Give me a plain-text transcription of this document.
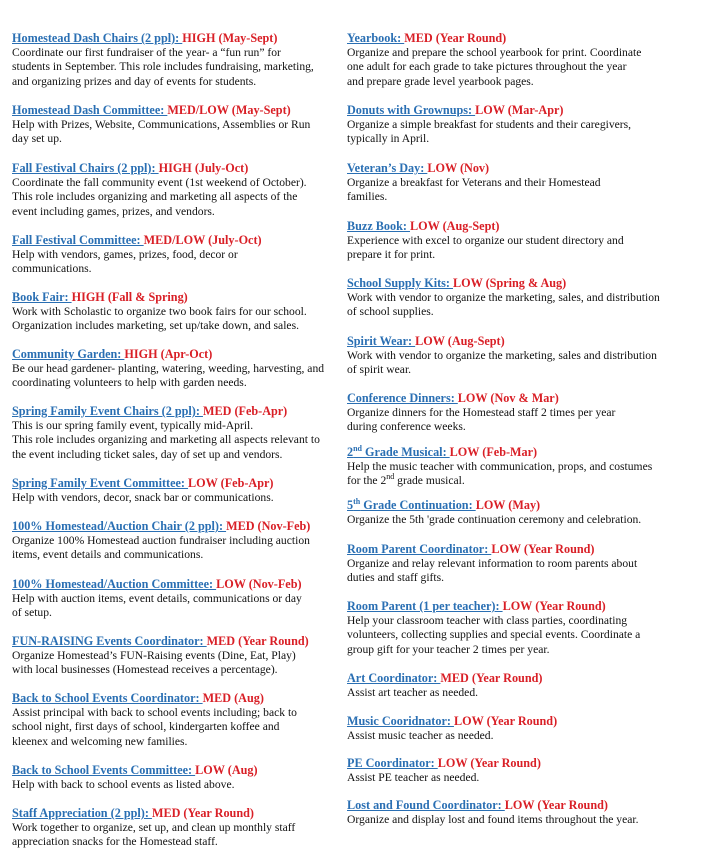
Homestead Dash Chairs (2 ppl): HIGH (May-Sept)
Coordinate our first fundraiser of the year- a “fun run” for
students in September. This role includes fundraising, marketing,
and organizing prizes and day of events for students.
Homestead Dash Committee: MED/LOW (May-Sept)
Help with Prizes, Website, Communications, Assemblies or Run
day set up.
Fall Festival Chairs (2 ppl): HIGH (July-Oct)
Coordinate the fall community event (1st weekend of October).
This role includes organizing and marketing all aspects of the
event including games, prizes, and vendors.
Fall Festival Committee: MED/LOW (July-Oct)
Help with vendors, games, prizes, food, decor or
communications.
Book Fair: HIGH (Fall & Spring)
Work with Scholastic to organize two book fairs for our school.
Organization includes marketing, set up/take down, and sales.
Community Garden: HIGH (Apr-Oct)
Be our head gardener- planting, watering, weeding, harvesting, and
coordinating volunteers to help with garden needs.
Spring Family Event Chairs (2 ppl): MED (Feb-Apr)
This is our spring family event, typically mid-April.
This role includes organizing and marketing all aspects relevant to
the event including ticket sales, day of set up and vendors.
Spring Family Event Committee: LOW (Feb-Apr)
Help with vendors, decor, snack bar or communications.
100% Homestead/Auction Chair (2 ppl): MED (Nov-Feb)
Organize 100% Homestead auction fundraiser including auction
items, event details and communications.
100% Homestead/Auction Committee: LOW (Nov-Feb)
Help with auction items, event details, communications or day
of setup.
FUN-RAISING Events Coordinator: MED (Year Round)
Organize Homestead’s FUN-Raising events (Dine, Eat, Play)
with local businesses (Homestead receives a percentage).
Back to School Events Coordinator: MED (Aug)
Assist principal with back to school events including; back to
school night, first days of school, kindergarten koffee and
kleenex and welcoming new families.
Back to School Events Committee: LOW (Aug)
Help with back to school events as listed above.
Staff Appreciation (2 ppl): MED (Year Round)
Work together to organize, set up, and clean up monthly staff
appreciation snacks for the Homestead staff.
Yearbook: MED (Year Round)
Organize and prepare the school yearbook for print. Coordinate
one adult for each grade to take pictures throughout the year
and prepare grade level yearbook pages.
Donuts with Grownups: LOW (Mar-Apr)
Organize a simple breakfast for students and their caregivers,
typically in April.
Veteran’s Day: LOW (Nov)
Organize a breakfast for Veterans and their Homestead
families.
Buzz Book: LOW (Aug-Sept)
Experience with excel to organize our student directory and
prepare it for print.
School Supply Kits: LOW (Spring & Aug)
Work with vendor to organize the marketing, sales, and distribution
of school supplies.
Spirit Wear: LOW (Aug-Sept)
Work with vendor to organize the marketing, sales and distribution
of spirit wear.
Conference Dinners: LOW (Nov & Mar)
Organize dinners for the Homestead staff 2 times per year
during conference weeks.
2nd Grade Musical: LOW (Feb-Mar)
Help the music teacher with communication, props, and costumes
for the 2nd grade musical.
5th Grade Continuation: LOW (May)
Organize the 5th 'grade continuation ceremony and celebration.
Room Parent Coordinator: LOW (Year Round)
Organize and relay relevant information to room parents about
duties and staff gifts.
Room Parent (1 per teacher): LOW (Year Round)
Help your classroom teacher with class parties, coordinating
volunteers, collecting supplies and special events. Coordinate a
group gift for your teacher 2 times per year.
Art Coordinator: MED (Year Round)
Assist art teacher as needed.
Music Cooridnator: LOW (Year Round)
Assist music teacher as needed.
PE Coordinator: LOW (Year Round)
Assist PE teacher as needed.
Lost and Found Coordinator: LOW (Year Round)
Organize and display lost and found items throughout the year.
